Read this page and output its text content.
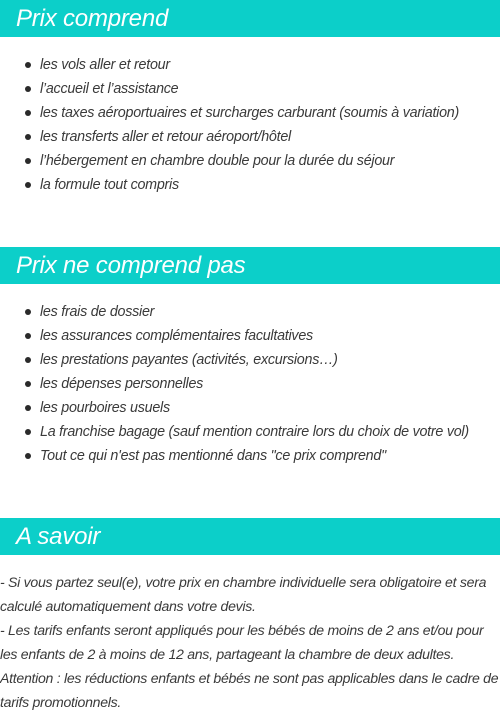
Prix comprend
les vols aller et retour
l’accueil et l’assistance
les taxes aéroportuaires et surcharges carburant (soumis à variation)
les transferts aller et retour aéroport/hôtel
l’hébergement en chambre double pour la durée du séjour
la formule tout compris
Prix ne comprend pas
les frais de dossier
les assurances complémentaires facultatives
les prestations payantes (activités, excursions…)
les dépenses personnelles
les pourboires usuels
La franchise bagage (sauf mention contraire lors du choix de votre vol)
Tout ce qui n'est pas mentionné dans "ce prix comprend"
A savoir

- Si vous partez seul(e), votre prix en chambre individuelle sera obligatoire et sera calculé automatiquement dans votre devis.

- Les tarifs enfants seront appliqués pour les bébés de moins de 2 ans et/ou pour les enfants de 2 à moins de 12 ans, partageant la chambre de deux adultes.

Attention : les réductions enfants et bébés ne sont pas applicables dans le cadre de tarifs promotionnels.
